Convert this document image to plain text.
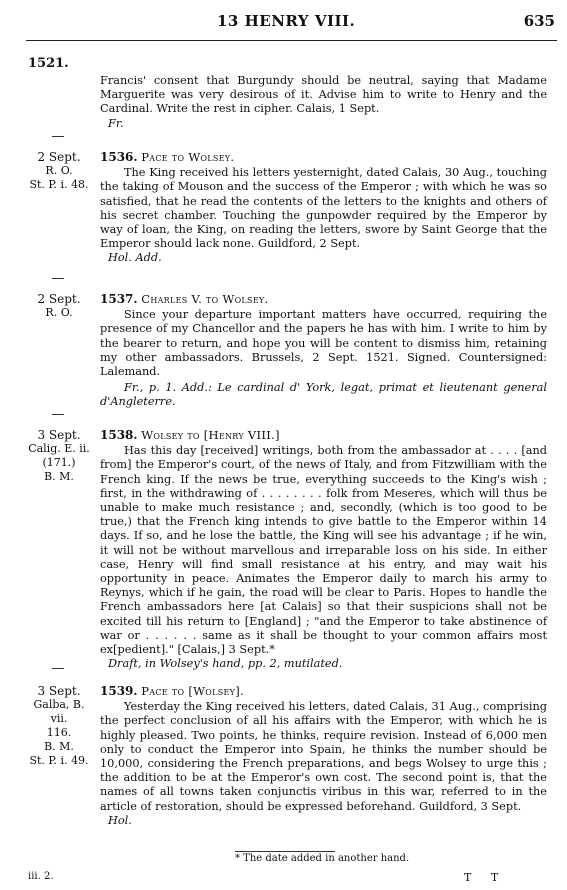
13 HENRY VIII.	635
1521.

Francis' consent that Burgundy should be neutral, saying that Madame Marguerite was very desirous of it. Advise him to write to Henry and the Cardinal. Write the rest in cipher. Calais, 1 Sept.

Fr.

2 Sept.
R. O.
St. P. i. 48.
1536. Pace to Wolsey.

The King received his letters yesternight, dated Calais, 30 Aug., touching the taking of Mouson and the success of the Emperor ; with which he was so satisfied, that he read the contents of the letters to the knights and others of his secret chamber. Touching the gunpowder required by the Emperor by way of loan, the King, on reading the letters, swore by Saint George that the Emperor should lack none. Guildford, 2 Sept.

Hol. Add.

2 Sept.
R. O.
1537. Charles V. to Wolsey.

Since your departure important matters have occurred, requiring the presence of my Chancellor and the papers he has with him. I write to him by the bearer to return, and hope you will be content to dismiss him, retaining my other ambassadors. Brussels, 2 Sept. 1521. Signed. Countersigned: Lalemand.

Fr., p. 1. Add.: Le cardinal d' York, legat, primat et lieutenant general d'Angleterre.

3 Sept.
Calig. E. ii.
(171.)
B. M.
1538. Wolsey to [Henry VIII.]

Has this day [received] writings, both from the ambassador at . . . . [and from] the Emperor's court, of the news of Italy, and from Fitzwilliam with the French king. If the news be true, everything succeeds to the King's wish ; first, in the withdrawing of . . . . . . . . folk from Meseres, which will thus be unable to make much resistance ; and, secondly, (which is too good to be true,) that the French king intends to give battle to the Emperor within 14 days. If so, and he lose the battle, the King will see his advantage ; if he win, it will not be without marvellous and irreparable loss on his side. In either case, Henry will find small resistance at his entry, and may wait his opportunity in peace. Animates the Emperor daily to march his army to Reynys, which if he gain, the road will be clear to Paris. Hopes to handle the French ambassadors here [at Calais] so that their suspicions shall not be excited till his return to [England] ; "and the Emperor to take abstinence of war or . . . . . . same as it shall be thought to your common affairs most ex[pedient]." [Calais,] 3 Sept.*

Draft, in Wolsey's hand, pp. 2, mutilated.

3 Sept.
Galba, B. vii.
116.
B. M.
St. P. i. 49.
1539. Pace to [Wolsey].

Yesterday the King received his letters, dated Calais, 31 Aug., comprising the perfect conclusion of all his affairs with the Emperor, with which he is highly pleased. Two points, he thinks, require revision. Instead of 6,000 men only to conduct the Emperor into Spain, he thinks the number should be 10,000, considering the French preparations, and begs Wolsey to urge this ; the addition to be at the Emperor's own cost. The second point is, that the names of all towns taken conjunctis viribus in this war, referred to in the article of restoration, should be expressed beforehand. Guildford, 3 Sept.

Hol.

* The date added in another hand.
iii. 2.	T T
